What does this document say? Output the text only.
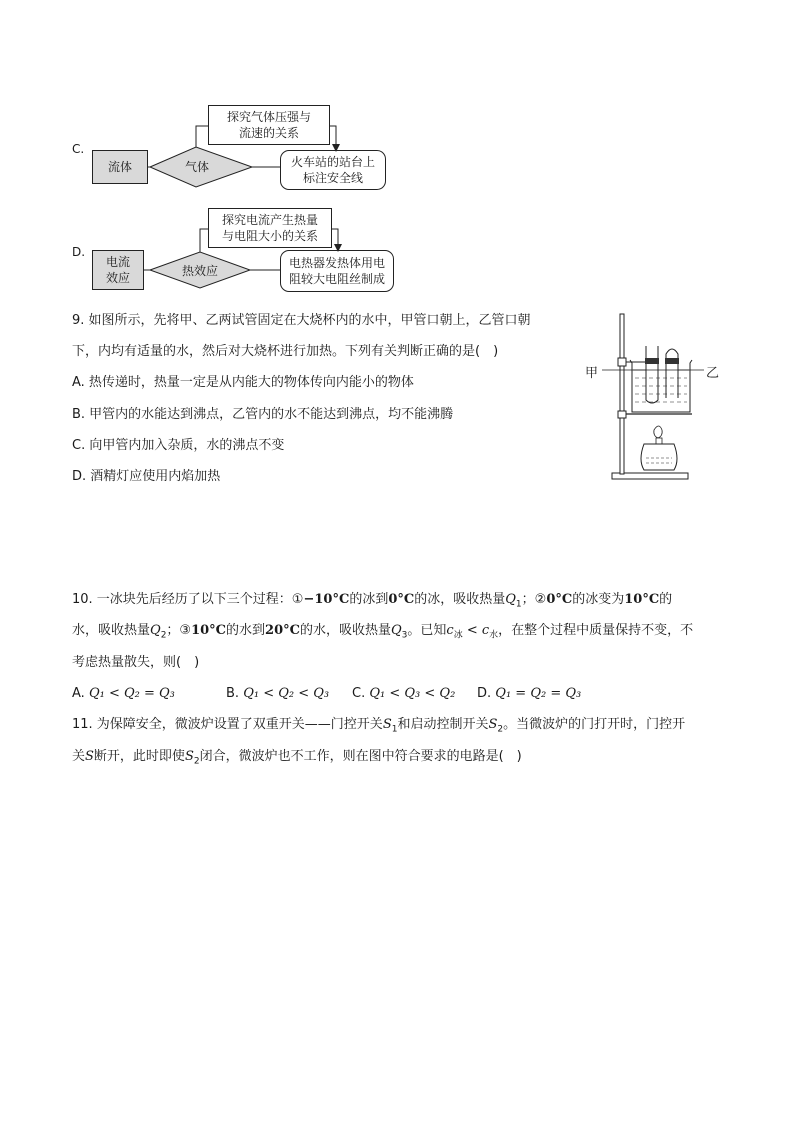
C.
流体	气体
探究气体压强与
流速的关系
火车站的站台上
标注安全线
D.
电流
效应	热效应
探究电流产生热量
与电阻大小的关系
电热器发热体用电
阻较大电阻丝制成
9. 如图所示，先将甲、乙两试管固定在大烧杯内的水中，甲管口朝上，乙管口朝
下，内均有适量的水，然后对大烧杯进行加热。下列有关判断正确的是(　)
A. 热传递时，热量一定是从内能大的物体传向内能小的物体
B. 甲管内的水能达到沸点，乙管内的水不能达到沸点，均不能沸腾
C. 向甲管内加入杂质，水的沸点不变
D. 酒精灯应使用内焰加热
甲	乙
10. 一冰块先后经历了以下三个过程：①−10°C的冰到0°C的冰，吸收热量$Q_1$；②0°C的冰变为10°C的
水，吸收热量$Q_2$；③10°C的水到20°C的水，吸收热量$Q_3$。已知$c_冰 < c_水$，在整个过程中质量保持不变，不
考虑热量散失，则(　)
A. Q₁ < Q₂ = Q₃	B. Q₁ < Q₂ < Q₃ C. Q₁ < Q₃ < Q₂ D. Q₁ = Q₂ = Q₃
11. 为保障安全，微波炉设置了双重开关——门控开关$S_1$和启动控制开关$S_2$。当微波炉的门打开时，门控开
关S断开，此时即使$S_2$闭合，微波炉也不工作，则在图中符合要求的电路是(　)
